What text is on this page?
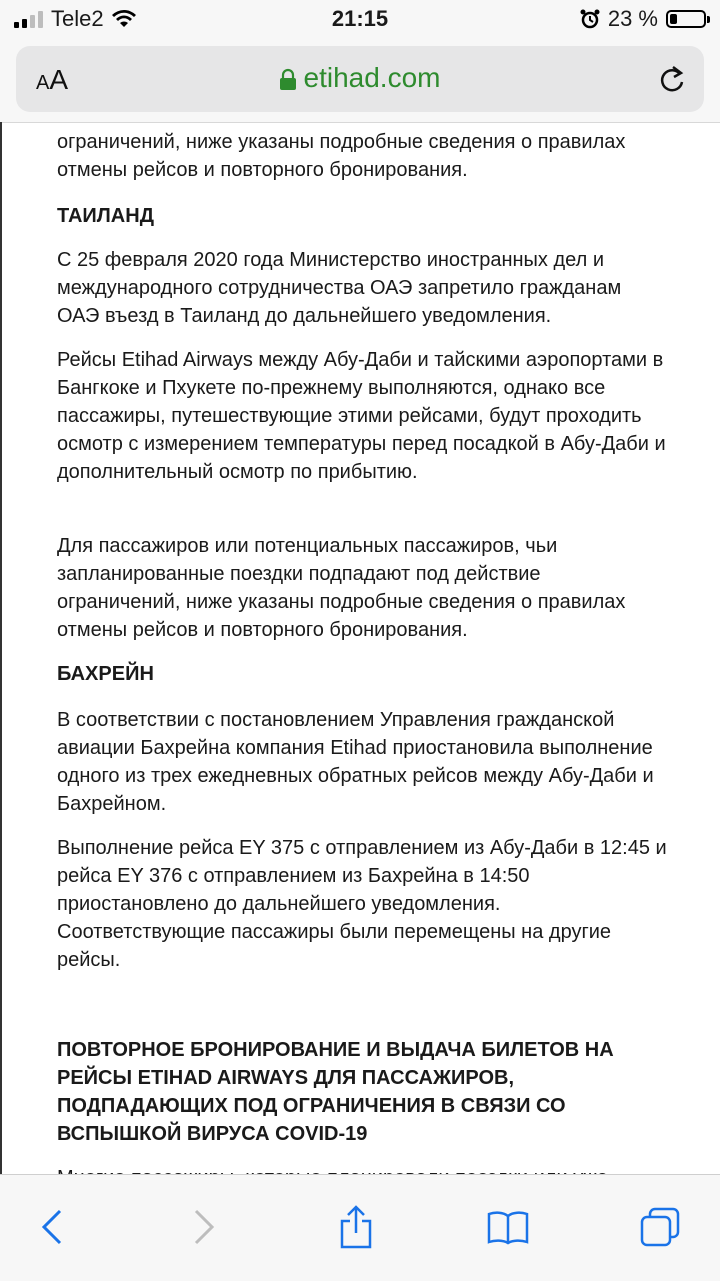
Tele2	21:15	23 %
AA	etihad.com

ограничений, ниже указаны подробные сведения о правилах отмены рейсов и повторного бронирования.

ТАИЛАНД

С 25 февраля 2020 года Министерство иностранных дел и международного сотрудничества ОАЭ запретило гражданам ОАЭ въезд в Таиланд до дальнейшего уведомления.

Рейсы Etihad Airways между Абу-Даби и тайскими аэропортами в Бангкоке и Пхукете по-прежнему выполняются, однако все пассажиры, путешествующие этими рейсами, будут проходить осмотр с измерением температуры перед посадкой в Абу-Даби и дополнительный осмотр по прибытию.

Для пассажиров или потенциальных пассажиров, чьи запланированные поездки подпадают под действие ограничений, ниже указаны подробные сведения о правилах отмены рейсов и повторного бронирования.

БАХРЕЙН

В соответствии с постановлением Управления гражданской авиации Бахрейна компания Etihad приостановила выполнение одного из трех ежедневных обратных рейсов между Абу-Даби и Бахрейном.

Выполнение рейса EY 375 с отправлением из Абу-Даби в 12:45 и рейса EY 376 с отправлением из Бахрейна в 14:50 приостановлено до дальнейшего уведомления. Соответствующие пассажиры были перемещены на другие рейсы.

ПОВТОРНОЕ БРОНИРОВАНИЕ И ВЫДАЧА БИЛЕТОВ НА РЕЙСЫ ETIHAD AIRWAYS ДЛЯ ПАССАЖИРОВ, ПОДПАДАЮЩИХ ПОД ОГРАНИЧЕНИЯ В СВЯЗИ СО ВСПЫШКОЙ ВИРУСА COVID-19
